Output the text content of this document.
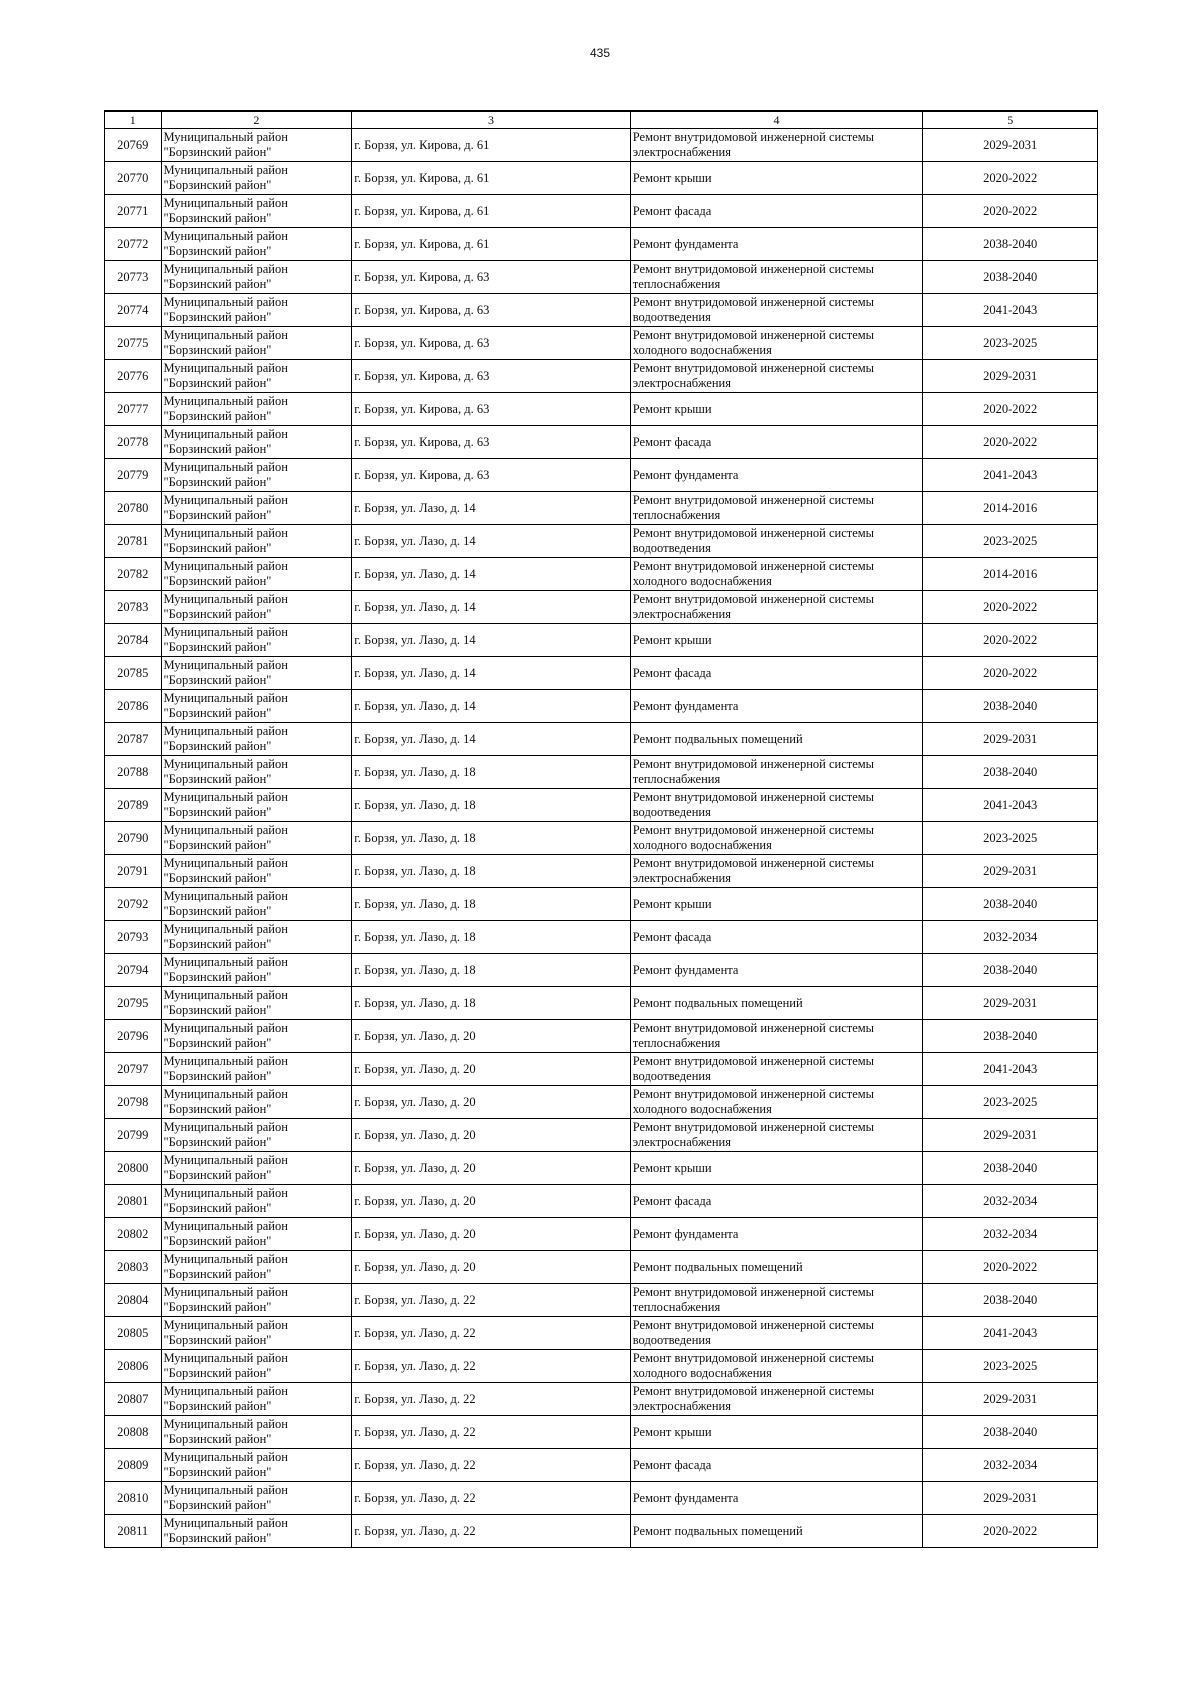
435
1	2	3	4	5
20769	Муниципальный район "Борзинский район"	г. Борзя, ул. Кирова, д. 61	Ремонт внутридомовой инженерной системы электроснабжения	2029-2031
20770	Муниципальный район "Борзинский район"	г. Борзя, ул. Кирова, д. 61	Ремонт крыши	2020-2022
20771	Муниципальный район "Борзинский район"	г. Борзя, ул. Кирова, д. 61	Ремонт фасада	2020-2022
20772	Муниципальный район "Борзинский район"	г. Борзя, ул. Кирова, д. 61	Ремонт фундамента	2038-2040
20773	Муниципальный район "Борзинский район"	г. Борзя, ул. Кирова, д. 63	Ремонт внутридомовой инженерной системы теплоснабжения	2038-2040
20774	Муниципальный район "Борзинский район"	г. Борзя, ул. Кирова, д. 63	Ремонт внутридомовой инженерной системы водоотведения	2041-2043
20775	Муниципальный район "Борзинский район"	г. Борзя, ул. Кирова, д. 63	Ремонт внутридомовой инженерной системы холодного водоснабжения	2023-2025
20776	Муниципальный район "Борзинский район"	г. Борзя, ул. Кирова, д. 63	Ремонт внутридомовой инженерной системы электроснабжения	2029-2031
20777	Муниципальный район "Борзинский район"	г. Борзя, ул. Кирова, д. 63	Ремонт крыши	2020-2022
20778	Муниципальный район "Борзинский район"	г. Борзя, ул. Кирова, д. 63	Ремонт фасада	2020-2022
20779	Муниципальный район "Борзинский район"	г. Борзя, ул. Кирова, д. 63	Ремонт фундамента	2041-2043
20780	Муниципальный район "Борзинский район"	г. Борзя, ул. Лазо, д. 14	Ремонт внутридомовой инженерной системы теплоснабжения	2014-2016
20781	Муниципальный район "Борзинский район"	г. Борзя, ул. Лазо, д. 14	Ремонт внутридомовой инженерной системы водоотведения	2023-2025
20782	Муниципальный район "Борзинский район"	г. Борзя, ул. Лазо, д. 14	Ремонт внутридомовой инженерной системы холодного водоснабжения	2014-2016
20783	Муниципальный район "Борзинский район"	г. Борзя, ул. Лазо, д. 14	Ремонт внутридомовой инженерной системы электроснабжения	2020-2022
20784	Муниципальный район "Борзинский район"	г. Борзя, ул. Лазо, д. 14	Ремонт крыши	2020-2022
20785	Муниципальный район "Борзинский район"	г. Борзя, ул. Лазо, д. 14	Ремонт фасада	2020-2022
20786	Муниципальный район "Борзинский район"	г. Борзя, ул. Лазо, д. 14	Ремонт фундамента	2038-2040
20787	Муниципальный район "Борзинский район"	г. Борзя, ул. Лазо, д. 14	Ремонт подвальных помещений	2029-2031
20788	Муниципальный район "Борзинский район"	г. Борзя, ул. Лазо, д. 18	Ремонт внутридомовой инженерной системы теплоснабжения	2038-2040
20789	Муниципальный район "Борзинский район"	г. Борзя, ул. Лазо, д. 18	Ремонт внутридомовой инженерной системы водоотведения	2041-2043
20790	Муниципальный район "Борзинский район"	г. Борзя, ул. Лазо, д. 18	Ремонт внутридомовой инженерной системы холодного водоснабжения	2023-2025
20791	Муниципальный район "Борзинский район"	г. Борзя, ул. Лазо, д. 18	Ремонт внутридомовой инженерной системы электроснабжения	2029-2031
20792	Муниципальный район "Борзинский район"	г. Борзя, ул. Лазо, д. 18	Ремонт крыши	2038-2040
20793	Муниципальный район "Борзинский район"	г. Борзя, ул. Лазо, д. 18	Ремонт фасада	2032-2034
20794	Муниципальный район "Борзинский район"	г. Борзя, ул. Лазо, д. 18	Ремонт фундамента	2038-2040
20795	Муниципальный район "Борзинский район"	г. Борзя, ул. Лазо, д. 18	Ремонт подвальных помещений	2029-2031
20796	Муниципальный район "Борзинский район"	г. Борзя, ул. Лазо, д. 20	Ремонт внутридомовой инженерной системы теплоснабжения	2038-2040
20797	Муниципальный район "Борзинский район"	г. Борзя, ул. Лазо, д. 20	Ремонт внутридомовой инженерной системы водоотведения	2041-2043
20798	Муниципальный район "Борзинский район"	г. Борзя, ул. Лазо, д. 20	Ремонт внутридомовой инженерной системы холодного водоснабжения	2023-2025
20799	Муниципальный район "Борзинский район"	г. Борзя, ул. Лазо, д. 20	Ремонт внутридомовой инженерной системы электроснабжения	2029-2031
20800	Муниципальный район "Борзинский район"	г. Борзя, ул. Лазо, д. 20	Ремонт крыши	2038-2040
20801	Муниципальный район "Борзинский район"	г. Борзя, ул. Лазо, д. 20	Ремонт фасада	2032-2034
20802	Муниципальный район "Борзинский район"	г. Борзя, ул. Лазо, д. 20	Ремонт фундамента	2032-2034
20803	Муниципальный район "Борзинский район"	г. Борзя, ул. Лазо, д. 20	Ремонт подвальных помещений	2020-2022
20804	Муниципальный район "Борзинский район"	г. Борзя, ул. Лазо, д. 22	Ремонт внутридомовой инженерной системы теплоснабжения	2038-2040
20805	Муниципальный район "Борзинский район"	г. Борзя, ул. Лазо, д. 22	Ремонт внутридомовой инженерной системы водоотведения	2041-2043
20806	Муниципальный район "Борзинский район"	г. Борзя, ул. Лазо, д. 22	Ремонт внутридомовой инженерной системы холодного водоснабжения	2023-2025
20807	Муниципальный район "Борзинский район"	г. Борзя, ул. Лазо, д. 22	Ремонт внутридомовой инженерной системы электроснабжения	2029-2031
20808	Муниципальный район "Борзинский район"	г. Борзя, ул. Лазо, д. 22	Ремонт крыши	2038-2040
20809	Муниципальный район "Борзинский район"	г. Борзя, ул. Лазо, д. 22	Ремонт фасада	2032-2034
20810	Муниципальный район "Борзинский район"	г. Борзя, ул. Лазо, д. 22	Ремонт фундамента	2029-2031
20811	Муниципальный район "Борзинский район"	г. Борзя, ул. Лазо, д. 22	Ремонт подвальных помещений	2020-2022
